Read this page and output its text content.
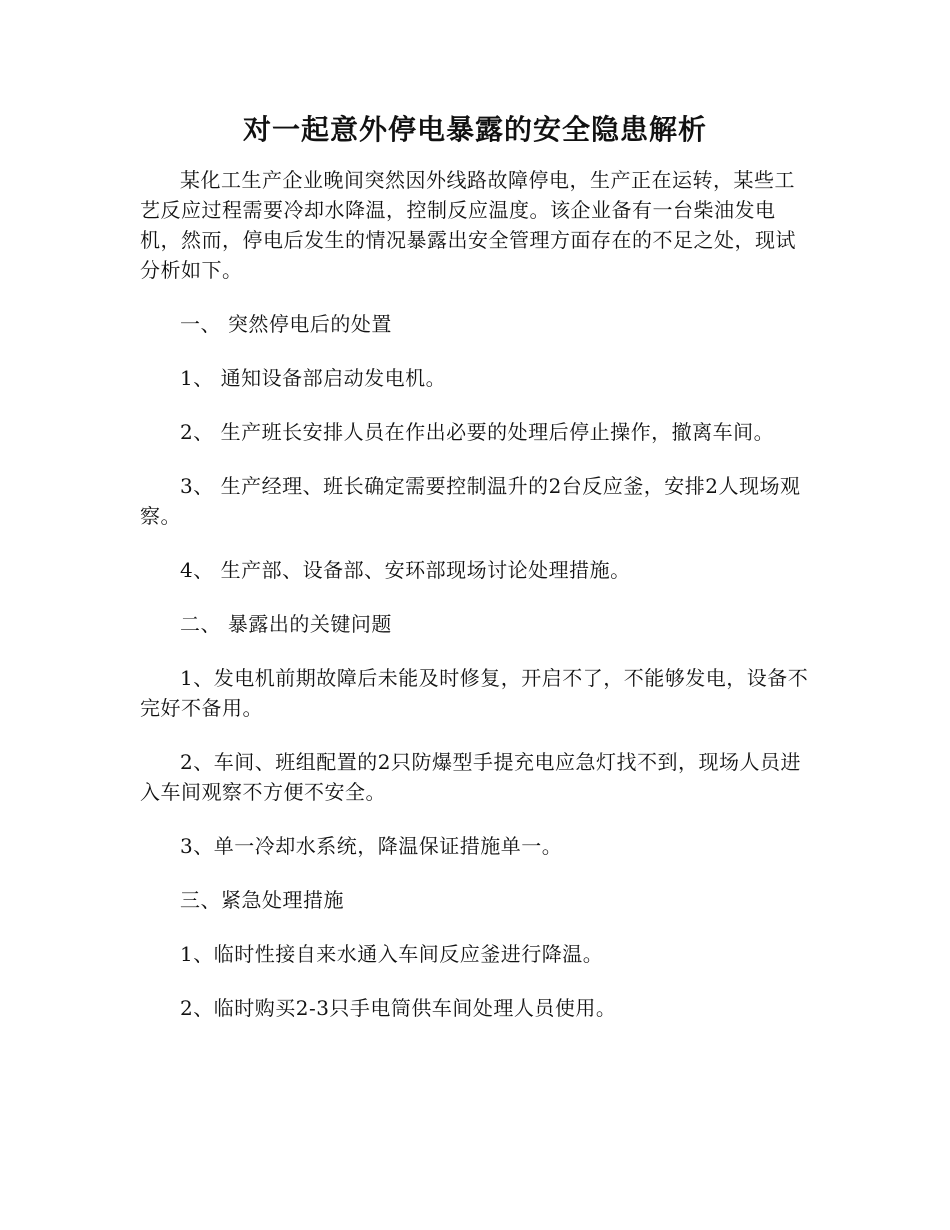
对一起意外停电暴露的安全隐患解析

某化工生产企业晚间突然因外线路故障停电，生产正在运转，某些工艺反应过程需要冷却水降温，控制反应温度。该企业备有一台柴油发电机，然而，停电后发生的情况暴露出安全管理方面存在的不足之处，现试分析如下。

一、 突然停电后的处置

1、 通知设备部启动发电机。

2、 生产班长安排人员在作出必要的处理后停止操作，撤离车间。

3、 生产经理、班长确定需要控制温升的2台反应釜，安排2人现场观察。

4、 生产部、设备部、安环部现场讨论处理措施。

二、 暴露出的关键问题

1、发电机前期故障后未能及时修复，开启不了，不能够发电，设备不完好不备用。

2、车间、班组配置的2只防爆型手提充电应急灯找不到，现场人员进入车间观察不方便不安全。

3、单一冷却水系统，降温保证措施单一。

三、紧急处理措施

1、临时性接自来水通入车间反应釜进行降温。

2、临时购买2-3只手电筒供车间处理人员使用。
